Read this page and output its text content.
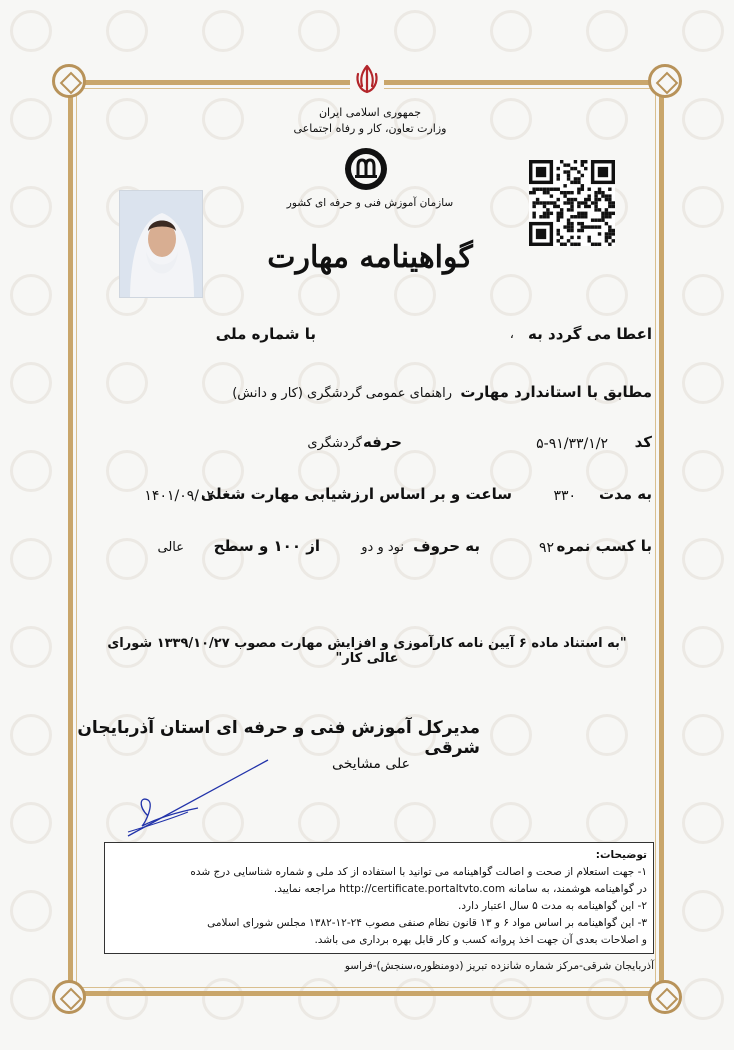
جمهوری اسلامی ایران
وزارت تعاون، کار و رفاه اجتماعی
سازمان آموزش فنی و حرفه ای کشور
گواهینامه مهارت
اعطا می گردد به
،
با شماره ملی
مطابق با استاندارد مهارت
راهنمای عمومی گردشگری (کار و دانش)
کد
۵-۹۱/۳۳/۱/۲
حرفه
گردشگری
به مدت
۳۳۰
ساعت و بر اساس ارزشیابی مهارت شغلی
۱۴۰۱/۰۹/۰۲
با کسب نمره
۹۲
به حروف
نود و دو
از ۱۰۰ و سطح
عالی
"به استناد ماده ۶ آیین نامه کارآموزی و افزایش مهارت مصوب ۱۳۳۹/۱۰/۲۷ شورای عالی کار"
مدیرکل آموزش فنی و حرفه ای استان آذربایجان شرقی
علی مشایخی

توضیحات:

۱- جهت استعلام از صحت و اصالت گواهینامه می توانید با استفاده از کد ملی و شماره شناسایی درج شده

در گواهینامه هوشمند، به سامانه http://certificate.portaltvto.com مراجعه نمایید.

۲- این گواهینامه به مدت ۵ سال اعتبار دارد.

۳- این گواهینامه بر اساس مواد ۶ و ۱۳ قانون نظام صنفی مصوب ۲۴-۱۲-۱۳۸۲ مجلس شورای اسلامی

و اصلاحات بعدی آن جهت اخذ پروانه کسب و کار قابل بهره برداری می باشد.

آذربایجان شرقی-مرکز شماره شانزده تبریز (دومنظوره،سنجش)-فراسو
